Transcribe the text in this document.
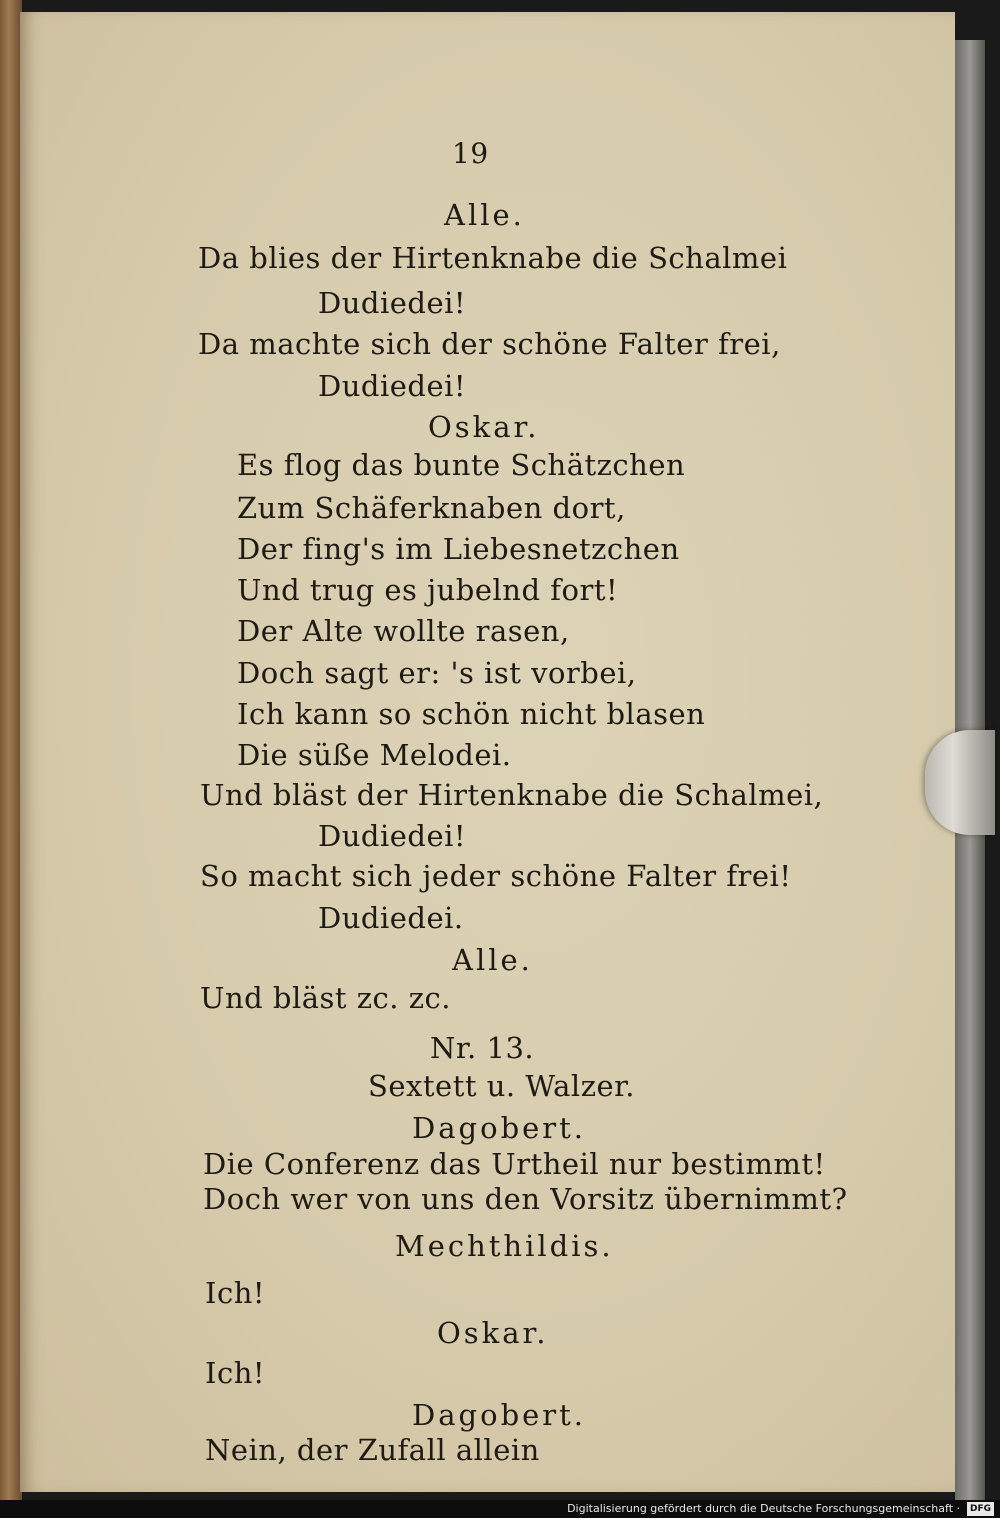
19

Alle.

Da blies der Hirtenknabe die Schalmei

Dudiedei!

Da machte sich der schöne Falter frei,

Dudiedei!

Oskar.

Es flog das bunte Schätzchen

Zum Schäferknaben dort,

Der fing's im Liebesnetzchen

Und trug es jubelnd fort!

Der Alte wollte rasen,

Doch sagt er: 's ist vorbei,

Ich kann so schön nicht blasen

Die süße Melodei.

Und bläst der Hirtenknabe die Schalmei,

Dudiedei!

So macht sich jeder schöne Falter frei!

Dudiedei.

Alle.

Und bläst zc. zc.

Nr. 13.

Sextett u. Walzer.

Dagobert.

Die Conferenz das Urtheil nur bestimmt!

Doch wer von uns den Vorsitz übernimmt?

Mechthildis.

Ich!

Oskar.

Ich!

Dagobert.

Nein, der Zufall allein

Digitalisierung gefördert durch die Deutsche Forschungsgemeinschaft ·	DFG
